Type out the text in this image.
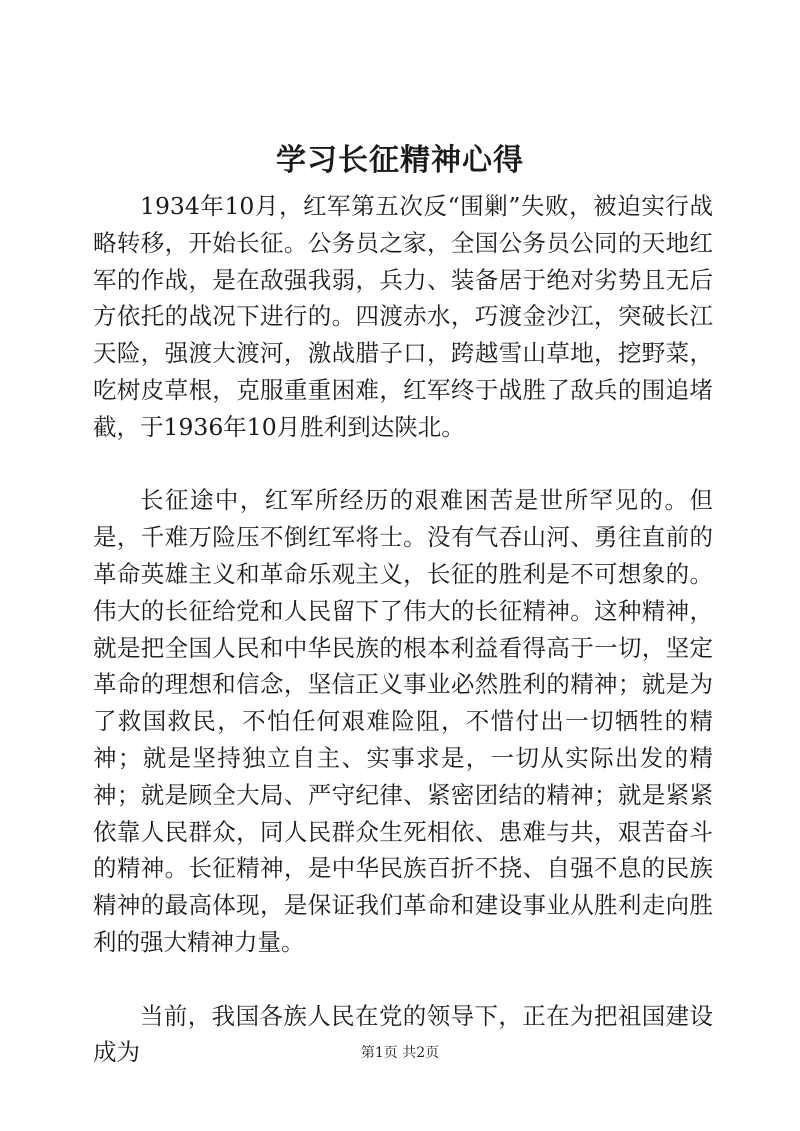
学习长征精神心得

1934年10月，红军第五次反“围剿”失败，被迫实行战略转移，开始长征。公务员之家，全国公务员公同的天地红军的作战，是在敌强我弱，兵力、装备居于绝对劣势且无后方依托的战况下进行的。四渡赤水，巧渡金沙江，突破长江天险，强渡大渡河，激战腊子口，跨越雪山草地，挖野菜，吃树皮草根，克服重重困难，红军终于战胜了敌兵的围追堵截，于1936年10月胜利到达陕北。

长征途中，红军所经历的艰难困苦是世所罕见的。但是，千难万险压不倒红军将士。没有气吞山河、勇往直前的革命英雄主义和革命乐观主义，长征的胜利是不可想象的。伟大的长征给党和人民留下了伟大的长征精神。这种精神，就是把全国人民和中华民族的根本利益看得高于一切，坚定革命的理想和信念，坚信正义事业必然胜利的精神；就是为了救国救民，不怕任何艰难险阻，不惜付出一切牺牲的精神；就是坚持独立自主、实事求是，一切从实际出发的精神；就是顾全大局、严守纪律、紧密团结的精神；就是紧紧依靠人民群众，同人民群众生死相依、患难与共，艰苦奋斗的精神。长征精神，是中华民族百折不挠、自强不息的民族精神的最高体现，是保证我们革命和建设事业从胜利走向胜利的强大精神力量。

当前，我国各族人民在党的领导下，正在为把祖国建设成为	第1页 共2页
